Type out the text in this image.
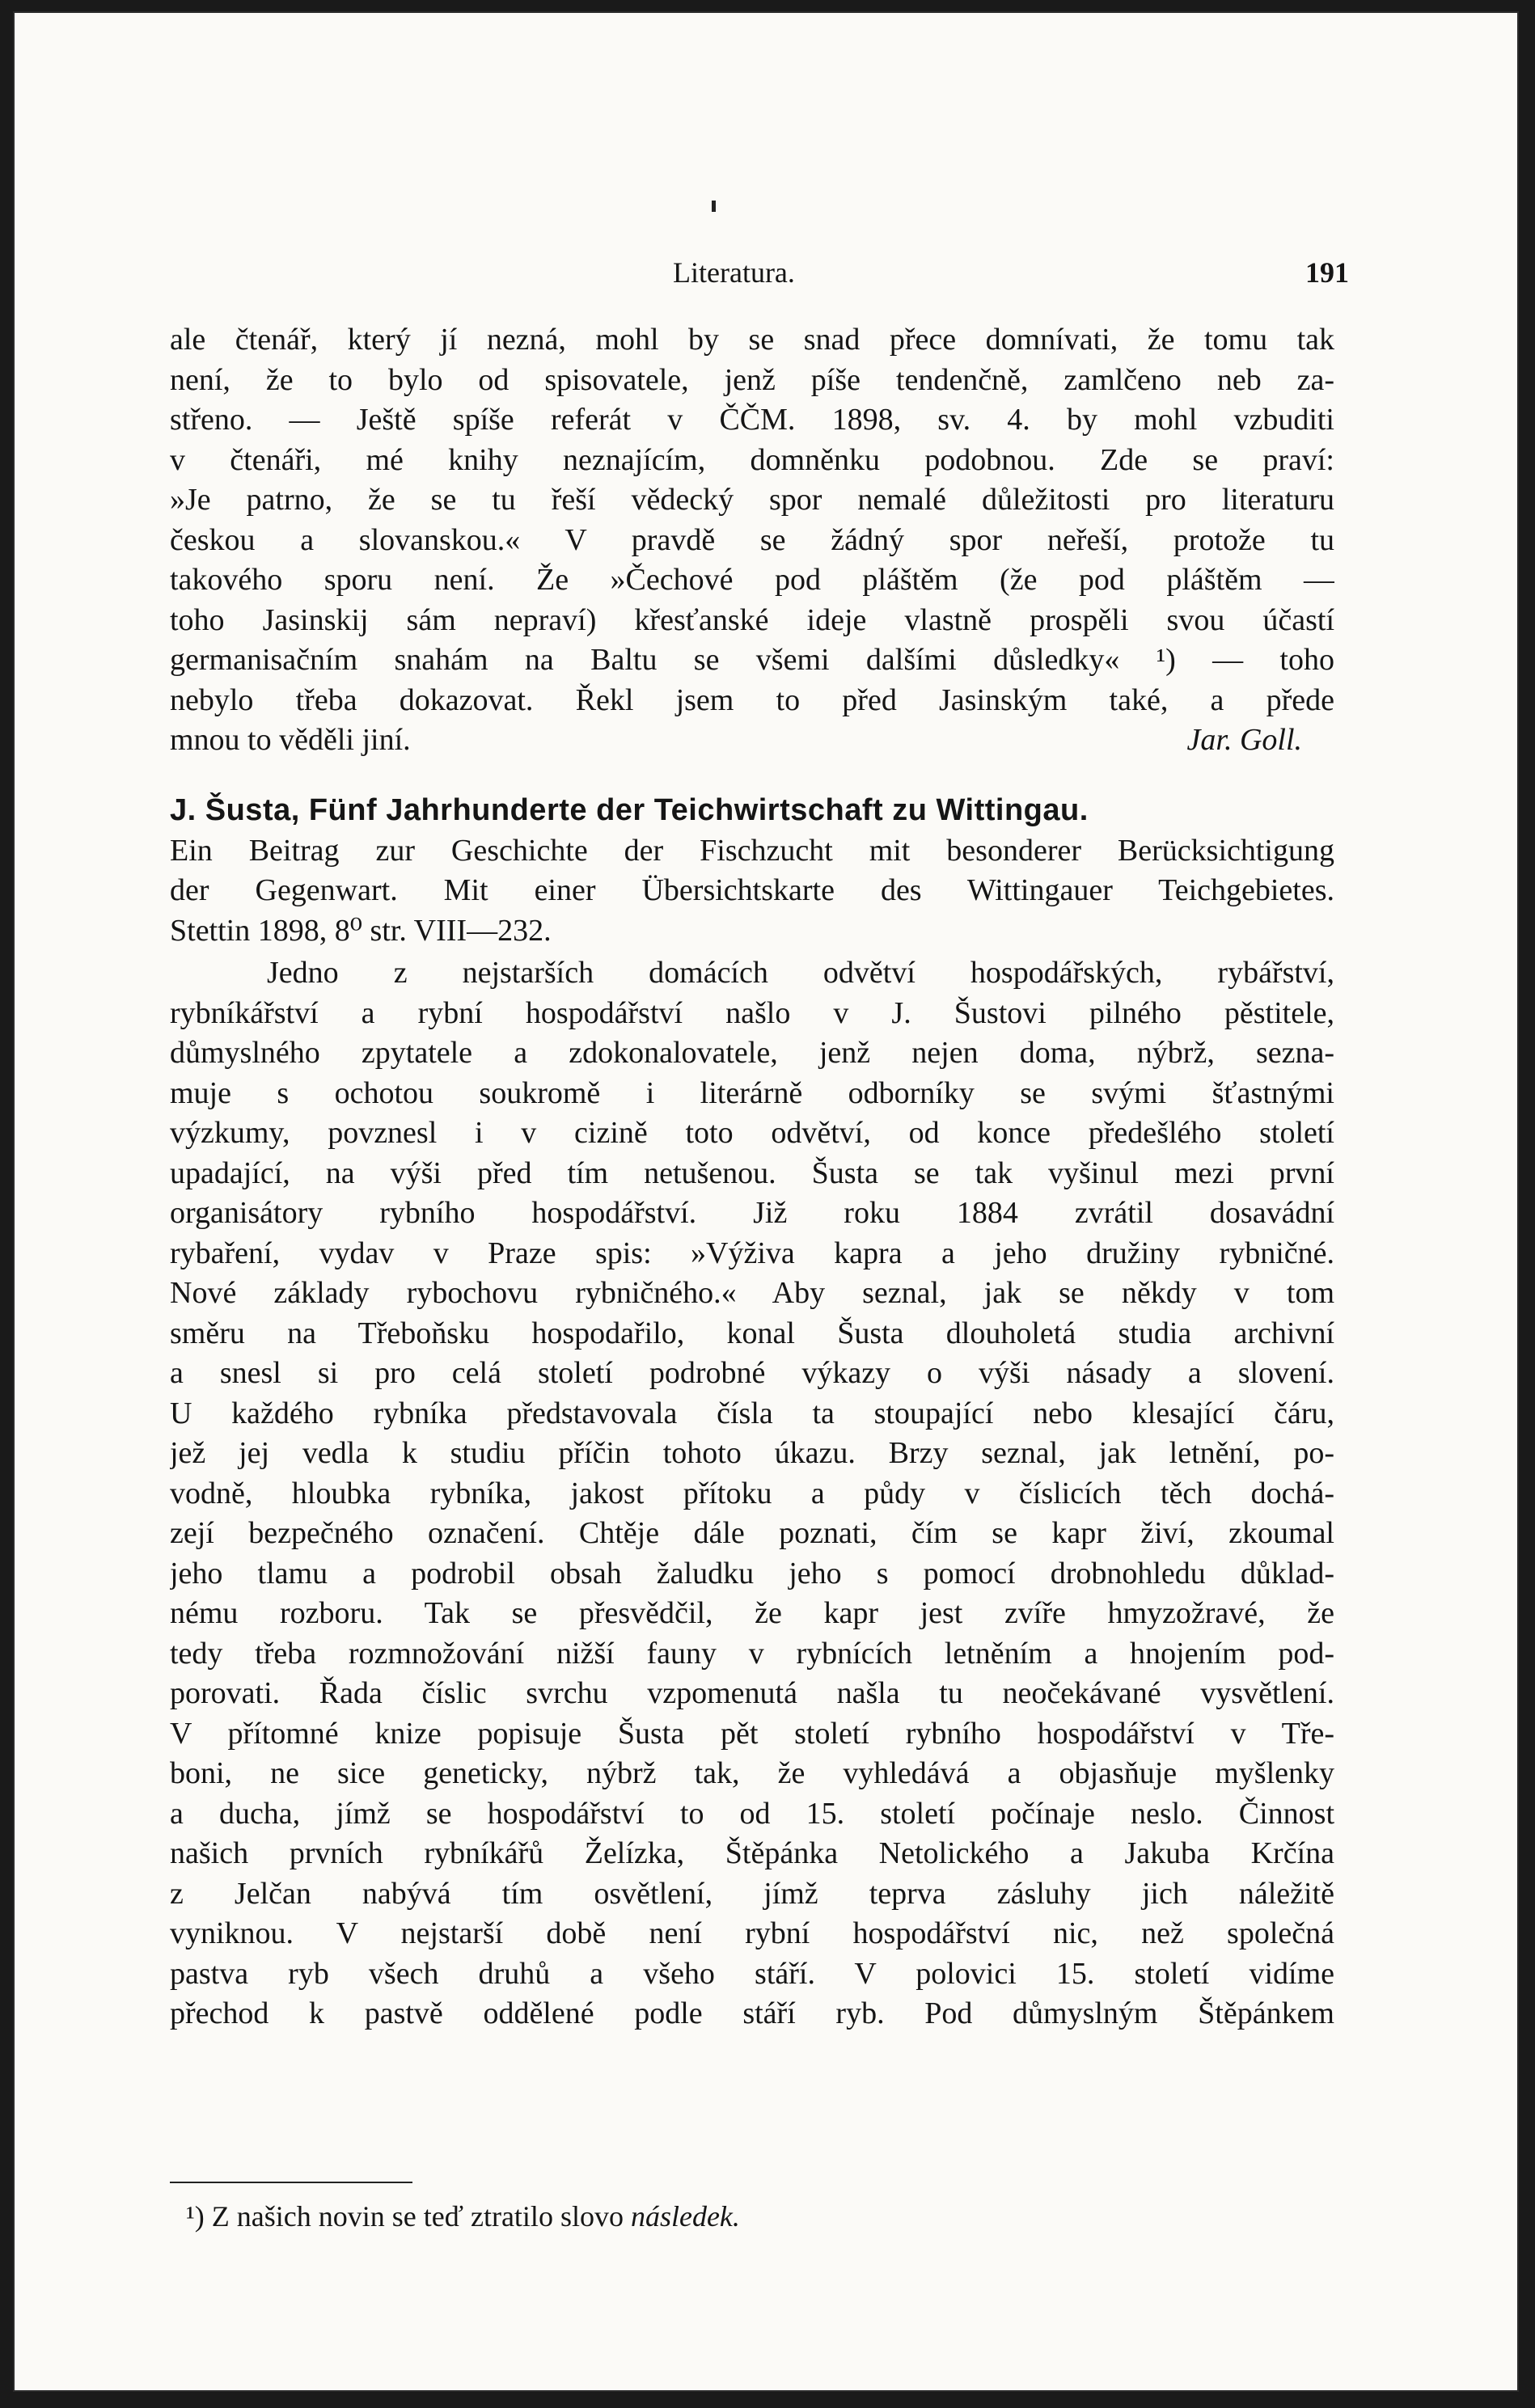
Literatura.	191
ale čtenář, který jí nezná, mohl by se snad přece domnívati, že tomu tak
není, že to bylo od spisovatele, jenž píše tendenčně, zamlčeno neb za-
střeno. — Ještě spíše referát v ČČM. 1898, sv. 4. by mohl vzbuditi
v čtenáři, mé knihy neznajícím, domněnku podobnou. Zde se praví:
»Je patrno, že se tu řeší vědecký spor nemalé důležitosti pro literaturu
českou a slovanskou.« V pravdě se žádný spor neřeší, protože tu
takového sporu není. Že »Čechové pod pláštěm (že pod pláštěm —
toho Jasinskij sám nepraví) křesťanské ideje vlastně prospěli svou účastí
germanisačním snahám na Baltu se všemi dalšími důsledky« ¹) — toho
nebylo třeba dokazovat. Řekl jsem to před Jasinským také, a přede
mnou to věděli jiní.	Jar. Goll.
J. Šusta, Fünf Jahrhunderte der Teichwirtschaft zu Wittingau.
Ein Beitrag zur Geschichte der Fischzucht mit besonderer Berücksichtigung
der Gegenwart. Mit einer Übersichtskarte des Wittingauer Teichgebietes.
Stettin 1898, 8⁰ str. VIII—232.
Jedno z nejstarších domácích odvětví hospodářských, rybářství,
rybníkářství a rybní hospodářství našlo v J. Šustovi pilného pěstitele,
důmyslného zpytatele a zdokonalovatele, jenž nejen doma, nýbrž, sezna-
muje s ochotou soukromě i literárně odborníky se svými šťastnými
výzkumy, povznesl i v cizině toto odvětví, od konce předešlého století
upadající, na výši před tím netušenou. Šusta se tak vyšinul mezi první
organisátory rybního hospodářství. Již roku 1884 zvrátil dosavádní
rybaření, vydav v Praze spis: »Výživa kapra a jeho družiny rybničné.
Nové základy rybochovu rybničného.« Aby seznal, jak se někdy v tom
směru na Třeboňsku hospodařilo, konal Šusta dlouholetá studia archivní
a snesl si pro celá století podrobné výkazy o výši násady a slovení.
U každého rybníka představovala čísla ta stoupající nebo klesající čáru,
jež jej vedla k studiu příčin tohoto úkazu. Brzy seznal, jak letnění, po-
vodně, hloubka rybníka, jakost přítoku a půdy v číslicích těch dochá-
zejí bezpečného označení. Chtěje dále poznati, čím se kapr živí, zkoumal
jeho tlamu a podrobil obsah žaludku jeho s pomocí drobnohledu důklad-
nému rozboru. Tak se přesvědčil, že kapr jest zvíře hmyzožravé, že
tedy třeba rozmnožování nižší fauny v rybnících letněním a hnojením pod-
porovati. Řada číslic svrchu vzpomenutá našla tu neočekávané vysvětlení.
V přítomné knize popisuje Šusta pět století rybního hospodářství v Tře-
boni, ne sice geneticky, nýbrž tak, že vyhledává a objasňuje myšlenky
a ducha, jímž se hospodářství to od 15. století počínaje neslo. Činnost
našich prvních rybníkářů Želízka, Štěpánka Netolického a Jakuba Krčína
z Jelčan nabývá tím osvětlení, jímž teprva zásluhy jich náležitě
vyniknou. V nejstarší době není rybní hospodářství nic, než společná
pastva ryb všech druhů a všeho stáří. V polovici 15. století vidíme
přechod k pastvě oddělené podle stáří ryb. Pod důmyslným Štěpánkem
¹) Z našich novin se teď ztratilo slovo následek.
